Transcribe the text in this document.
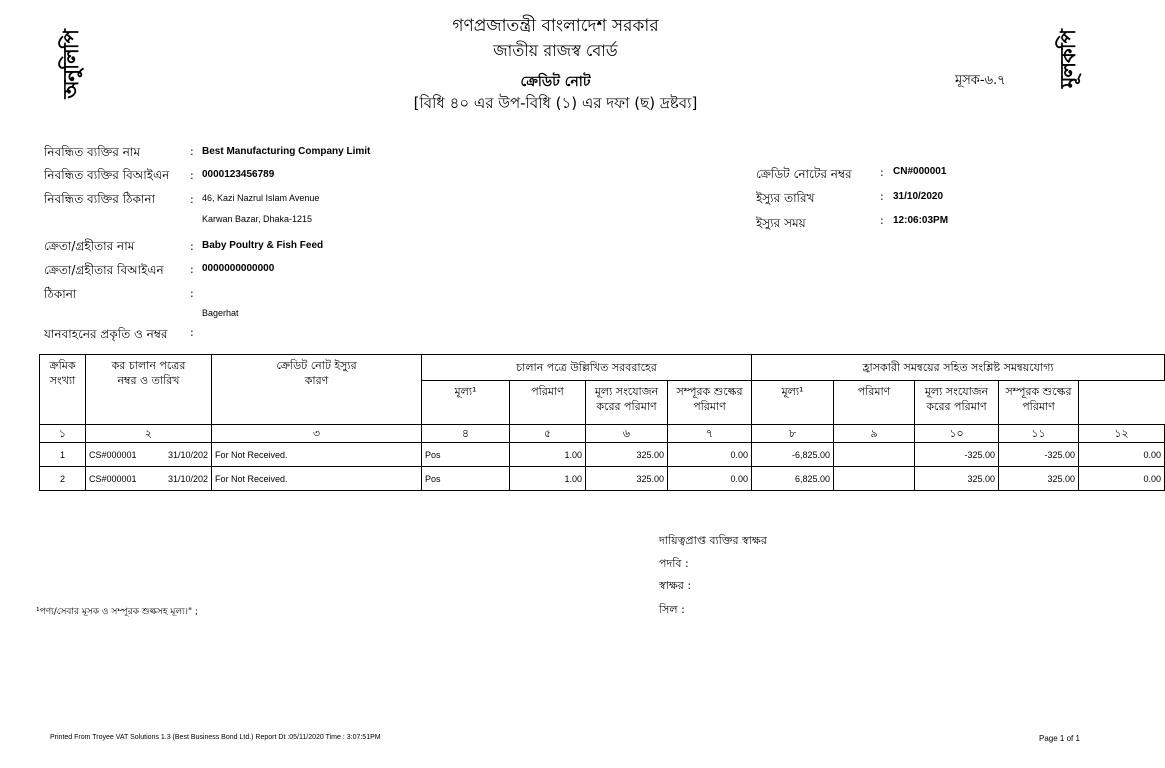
অনুলিপি	মূলকপি
গণপ্রজাতন্ত্রী বাংলাদেশ সরকার
জাতীয় রাজস্ব বোর্ড
ক্রেডিট নোট
[বিধি ৪০ এর উপ-বিধি (১) এর দফা (ছ) দ্রষ্টব্য]
মূসক-৬.৭
নিবন্ধিত ব্যক্তির নাম	: Best Manufacturing Company Limit
নিবন্ধিত ব্যক্তির বিআইএন : 0000123456789
নিবন্ধিত ব্যক্তির ঠিকানা	: 46, Kazi Nazrul Islam Avenue
Karwan Bazar, Dhaka-1215
ক্রেডিট নোটের নম্বর	: CN#000001
ইস্যুর তারিখ	: 31/10/2020
ইস্যুর সময়	: 12:06:03PM
ক্রেতা/গ্রহীতার নাম	: Baby Poultry & Fish Feed
ক্রেতা/গ্রহীতার বিআইএন : 0000000000000
ঠিকানা	:
Bagerhat
যানবাহনের প্রকৃতি ও নম্বর :
ক্রমিক সংখ্যা	কর চালান পত্রের নম্বর ও তারিখ	ক্রেডিট নোট ইস্যুর কারণ	চালান পত্রে উল্লিখিত সরবরাহের				হ্রাসকারী সমন্বয়ের সহিত সংশ্লিষ্ট সমন্বয়যোগ্য				
			মূল্য¹	পরিমাণ	মূল্য সংযোজন করের পরিমাণ	সম্পূরক শুল্কের পরিমাণ	মূল্য¹	পরিমাণ	মূল্য সংযোজন করের পরিমাণ	সম্পূরক শুল্কের পরিমাণ	
১	২	৩	৪	৫	৬	৭	৮	৯	১০	১১	১২
1	CS#000001 31/10/202	For Not Received.	Pos	1.00	325.00	0.00	-6,825.00		-325.00	-325.00	0.00
2	CS#000001 31/10/202	For Not Received.	Pos	1.00	325.00	0.00	6,825.00		325.00	325.00	0.00
দায়িত্বপ্রাপ্ত ব্যক্তির স্বাক্ষর
পদবি :
স্বাক্ষর :
সিল :
¹পণ্য/সেবার মূসক ও সম্পূরক শুল্কসহ মূল্য।" ;
Printed From Troyee VAT Solutions 1.3 (Best Business Bond Ltd.) Report Dt :05/11/2020 Time : 3:07:51PM	Page 1 of 1
